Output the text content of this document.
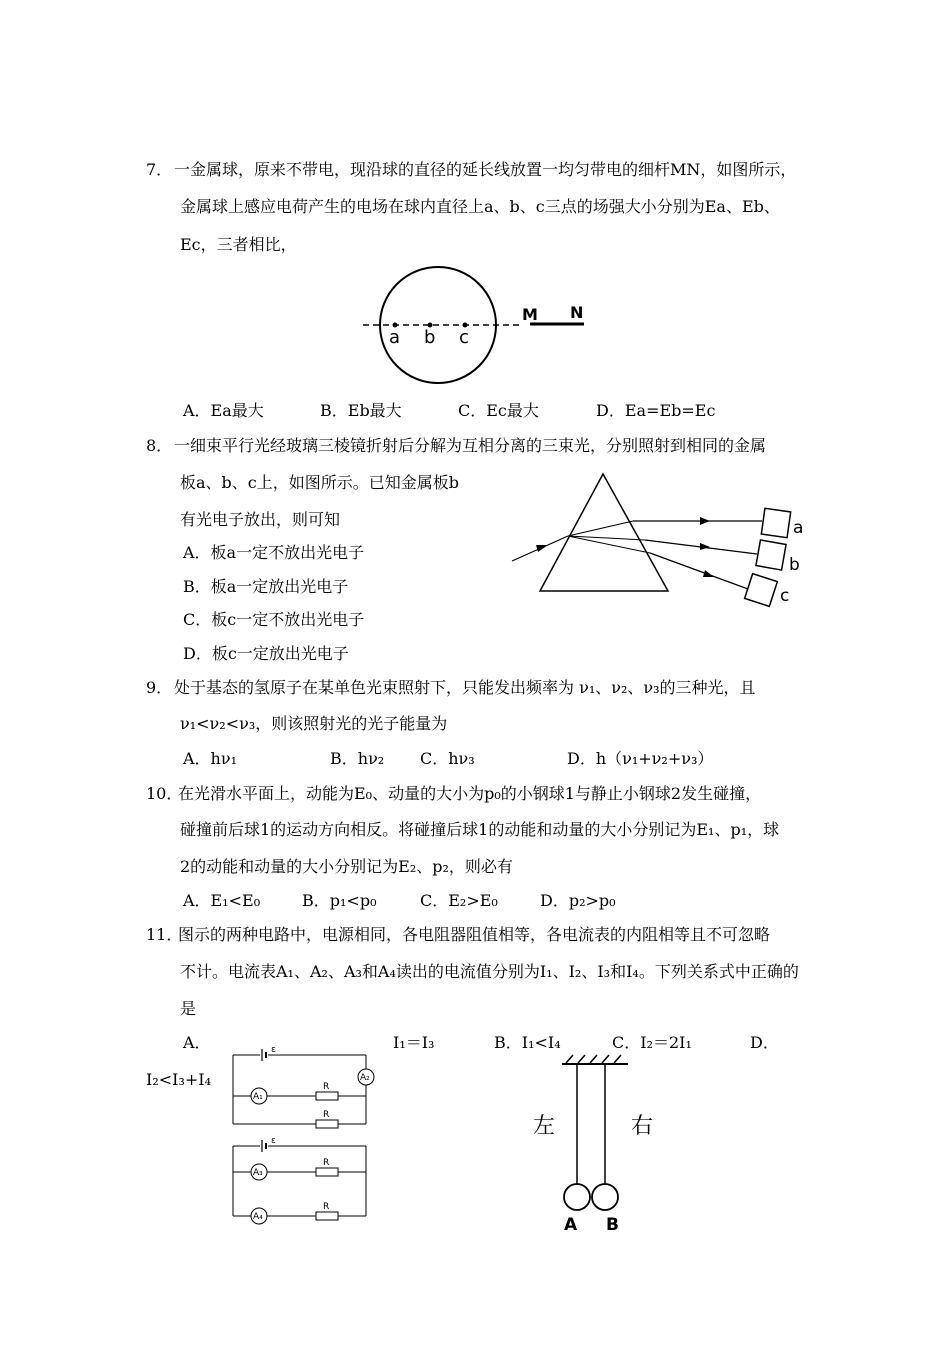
7． 一金属球，原来不带电，现沿球的直径的延长线放置一均匀带电的细杆MN，如图所示，
金属球上感应电荷产生的电场在球内直径上a、b、c三点的场强大小分别为Ea、Eb、
Ec，三者相比，
a b c
M N
A．Ea最大	B．Eb最大	C．Ec最大	D．Ea=Eb=Ec
8． 一细束平行光经玻璃三棱镜折射后分解为互相分离的三束光，分别照射到相同的金属
板a、b、c上，如图所示。已知金属板b
有光电子放出，则可知
A．板a一定不放出光电子
B．板a一定放出光电子
C．板c一定不放出光电子
D．板c一定放出光电子
a
b
c
9． 处于基态的氢原子在某单色光束照射下，只能发出频率为 ν₁、ν₂、ν₃的三种光，且
ν₁<ν₂<ν₃，则该照射光的光子能量为
A．hν₁	B．hν₂ C．hν₃	D．h（ν₁+ν₂+ν₃）
10．
在光滑水平面上，动能为E₀、动量的大小为p₀的小钢球1与静止小钢球2发生碰撞，
碰撞前后球1的运动方向相反。将碰撞后球1的动能和动量的大小分别记为E₁、p₁，球
2的动能和动量的大小分别记为E₂、p₂，则必有
A．E₁<E₀	B．p₁<p₀	C．E₂>E₀	D．p₂>p₀
11．
图示的两种电路中，电源相同，各电阻器阻值相等，各电流表的内阻相等且不可忽略
不计。电流表A₁、A₂、A₃和A₄读出的电流值分别为I₁、I₂、I₃和I₄。下列关系式中正确的
是
A．	I₁＝I₃	B．I₁<I₄	C．I₂＝2I₁	D．
I₂<I₃+I₄
ε
A₂
A₁
R
R
ε
A₃
R
A₄
R
左	右
A B
